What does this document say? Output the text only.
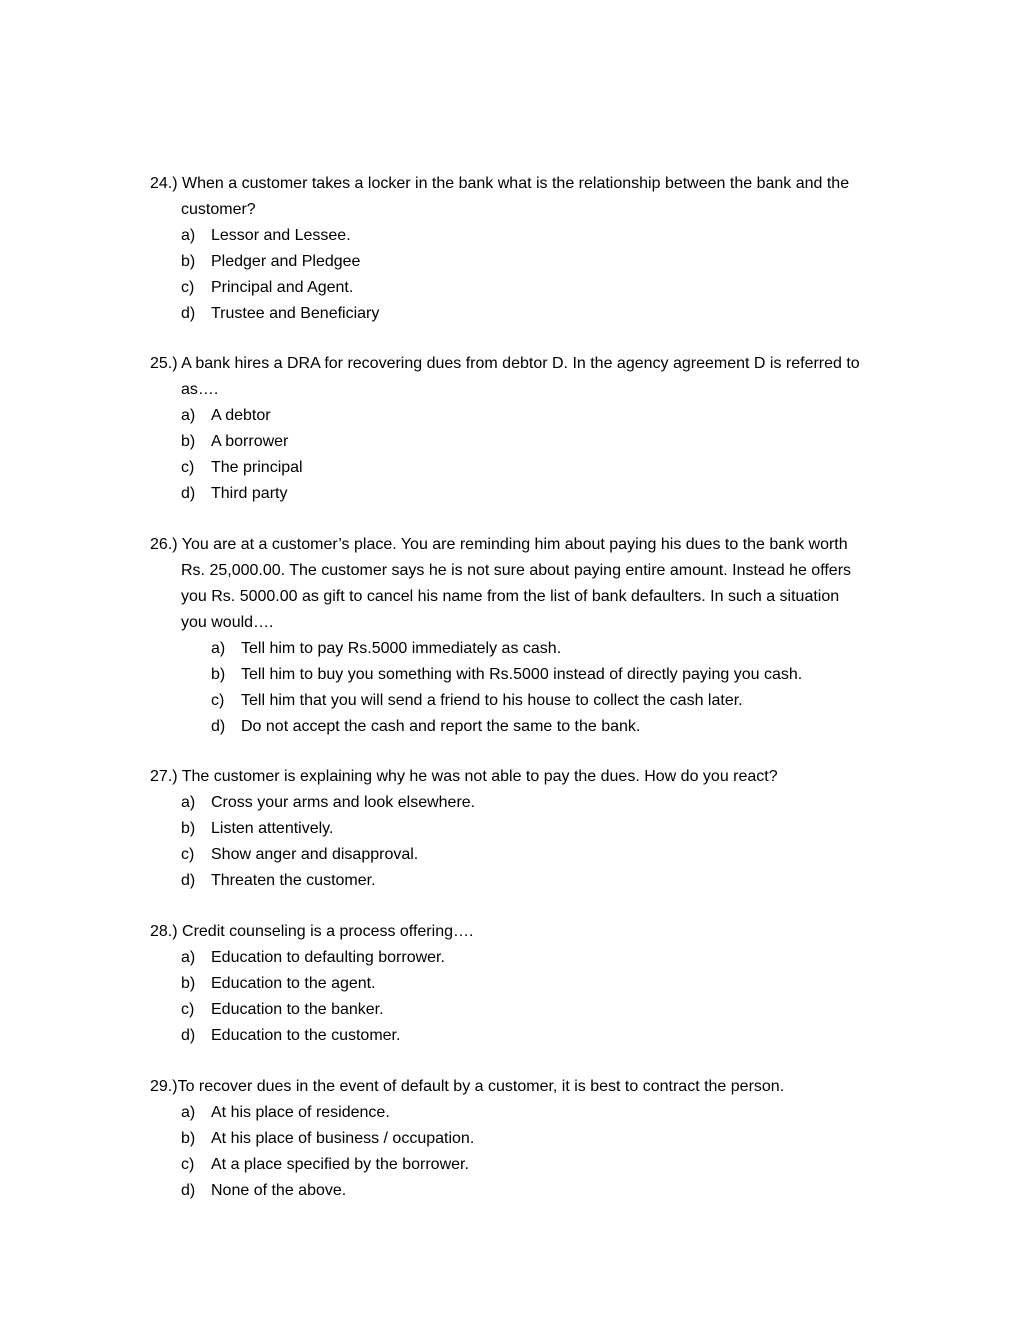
24.) When a customer takes a locker in the bank what is the relationship between the bank and the
customer?
a) Lessor and Lessee.
b) Pledger and Pledgee
c) Principal and Agent.
d) Trustee and Beneficiary
25.) A bank hires a DRA for recovering dues from debtor D. In the agency agreement D is referred to
as….
a) A debtor
b) A borrower
c) The principal
d) Third party
26.) You are at a customer’s place. You are reminding him about paying his dues to the bank worth
Rs. 25,000.00. The customer says he is not sure about paying entire amount. Instead he offers
you Rs. 5000.00 as gift to cancel his name from the list of bank defaulters. In such a situation
you would….
a) Tell him to pay Rs.5000 immediately as cash.
b) Tell him to buy you something with Rs.5000 instead of directly paying you cash.
c) Tell him that you will send a friend to his house to collect the cash later.
d) Do not accept the cash and report the same to the bank.
27.) The customer is explaining why he was not able to pay the dues. How do you react?
a) Cross your arms and look elsewhere.
b) Listen attentively.
c) Show anger and disapproval.
d) Threaten the customer.
28.) Credit counseling is a process offering….
a) Education to defaulting borrower.
b) Education to the agent.
c) Education to the banker.
d) Education to the customer.
29.)To recover dues in the event of default by a customer, it is best to contract the person.
a) At his place of residence.
b) At his place of business / occupation.
c) At a place specified by the borrower.
d) None of the above.
